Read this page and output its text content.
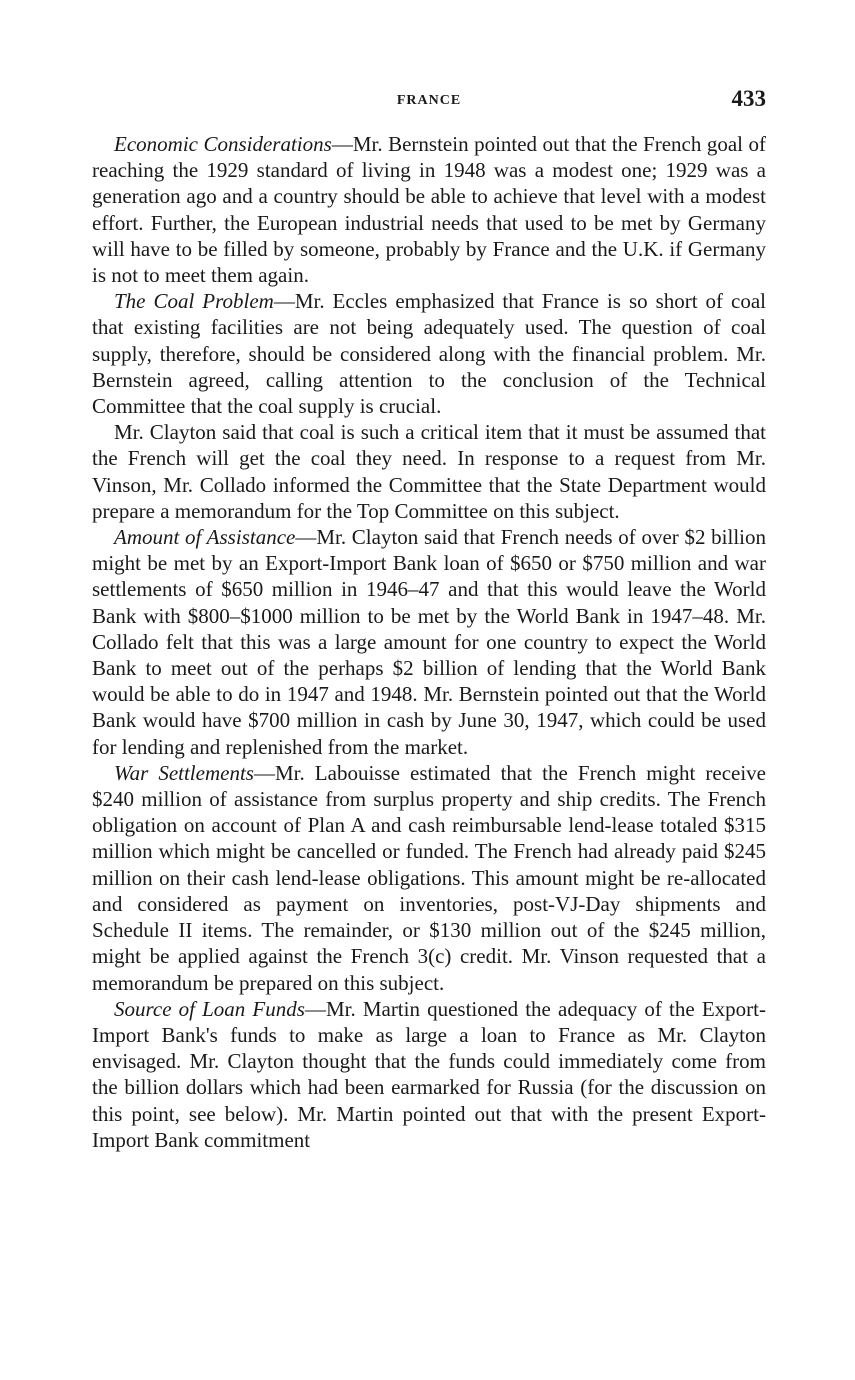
FRANCE	433

Economic Considerations—Mr. Bernstein pointed out that the French goal of reaching the 1929 standard of living in 1948 was a modest one; 1929 was a generation ago and a country should be able to achieve that level with a modest effort. Further, the European industrial needs that used to be met by Germany will have to be filled by someone, probably by France and the U.K. if Germany is not to meet them again.

The Coal Problem—Mr. Eccles emphasized that France is so short of coal that existing facilities are not being adequately used. The question of coal supply, therefore, should be considered along with the financial problem. Mr. Bernstein agreed, calling attention to the conclusion of the Technical Committee that the coal supply is crucial.

Mr. Clayton said that coal is such a critical item that it must be assumed that the French will get the coal they need. In response to a request from Mr. Vinson, Mr. Collado informed the Committee that the State Department would prepare a memorandum for the Top Committee on this subject.

Amount of Assistance—Mr. Clayton said that French needs of over $2 billion might be met by an Export-Import Bank loan of $650 or $750 million and war settlements of $650 million in 1946–47 and that this would leave the World Bank with $800–$1000 million to be met by the World Bank in 1947–48. Mr. Collado felt that this was a large amount for one country to expect the World Bank to meet out of the perhaps $2 billion of lending that the World Bank would be able to do in 1947 and 1948. Mr. Bernstein pointed out that the World Bank would have $700 million in cash by June 30, 1947, which could be used for lending and replenished from the market.

War Settlements—Mr. Labouisse estimated that the French might receive $240 million of assistance from surplus property and ship credits. The French obligation on account of Plan A and cash reimbursable lend-lease totaled $315 million which might be cancelled or funded. The French had already paid $245 million on their cash lend-lease obligations. This amount might be re-allocated and considered as payment on inventories, post-VJ-Day shipments and Schedule II items. The remainder, or $130 million out of the $245 million, might be applied against the French 3(c) credit. Mr. Vinson requested that a memorandum be prepared on this subject.

Source of Loan Funds—Mr. Martin questioned the adequacy of the Export-Import Bank's funds to make as large a loan to France as Mr. Clayton envisaged. Mr. Clayton thought that the funds could immediately come from the billion dollars which had been earmarked for Russia (for the discussion on this point, see below). Mr. Martin pointed out that with the present Export-Import Bank commitment
